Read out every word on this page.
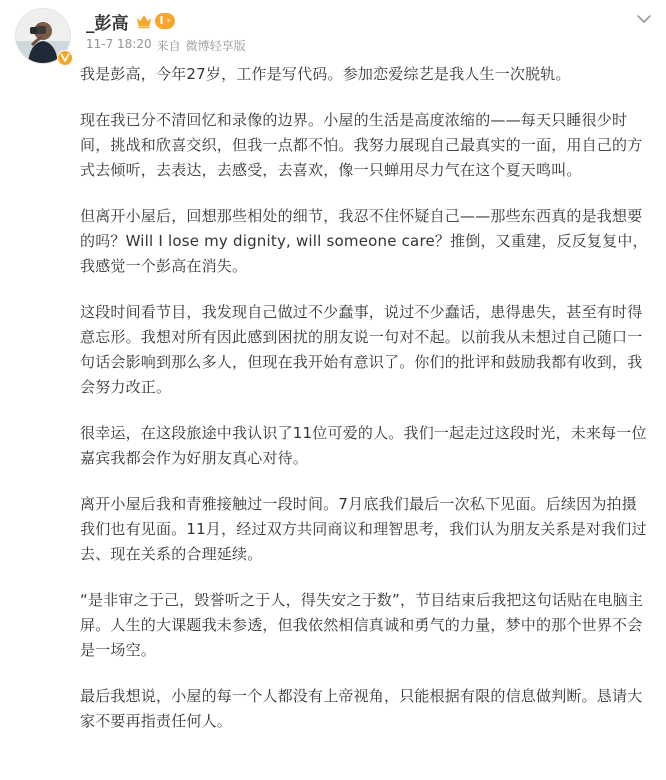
_彭高	I ›
11-7 18:20 来自 微博轻享版

我是彭高，今年27岁，工作是写代码。参加恋爱综艺是我人生一次脱轨。

现在我已分不清回忆和录像的边界。小屋的生活是高度浓缩的——每天只睡很少时间，挑战和欣喜交织，但我一点都不怕。我努力展现自己最真实的一面，用自己的方式去倾听，去表达，去感受，去喜欢，像一只蝉用尽力气在这个夏天鸣叫。

但离开小屋后，回想那些相处的细节，我忍不住怀疑自己——那些东西真的是我想要的吗？Will I lose my dignity, will someone care？推倒，又重建，反反复复中，我感觉一个彭高在消失。

这段时间看节目，我发现自己做过不少蠢事，说过不少蠢话，患得患失，甚至有时得意忘形。我想对所有因此感到困扰的朋友说一句对不起。以前我从未想过自己随口一句话会影响到那么多人，但现在我开始有意识了。你们的批评和鼓励我都有收到，我会努力改正。

很幸运，在这段旅途中我认识了11位可爱的人。我们一起走过这段时光，未来每一位嘉宾我都会作为好朋友真心对待。

离开小屋后我和青雅接触过一段时间。7月底我们最后一次私下见面。后续因为拍摄我们也有见面。11月，经过双方共同商议和理智思考，我们认为朋友关系是对我们过去、现在关系的合理延续。

“是非审之于己，毁誉听之于人，得失安之于数”，节目结束后我把这句话贴在电脑主屏。人生的大课题我未参透，但我依然相信真诚和勇气的力量，梦中的那个世界不会是一场空。

最后我想说，小屋的每一个人都没有上帝视角，只能根据有限的信息做判断。恳请大家不要再指责任何人。
